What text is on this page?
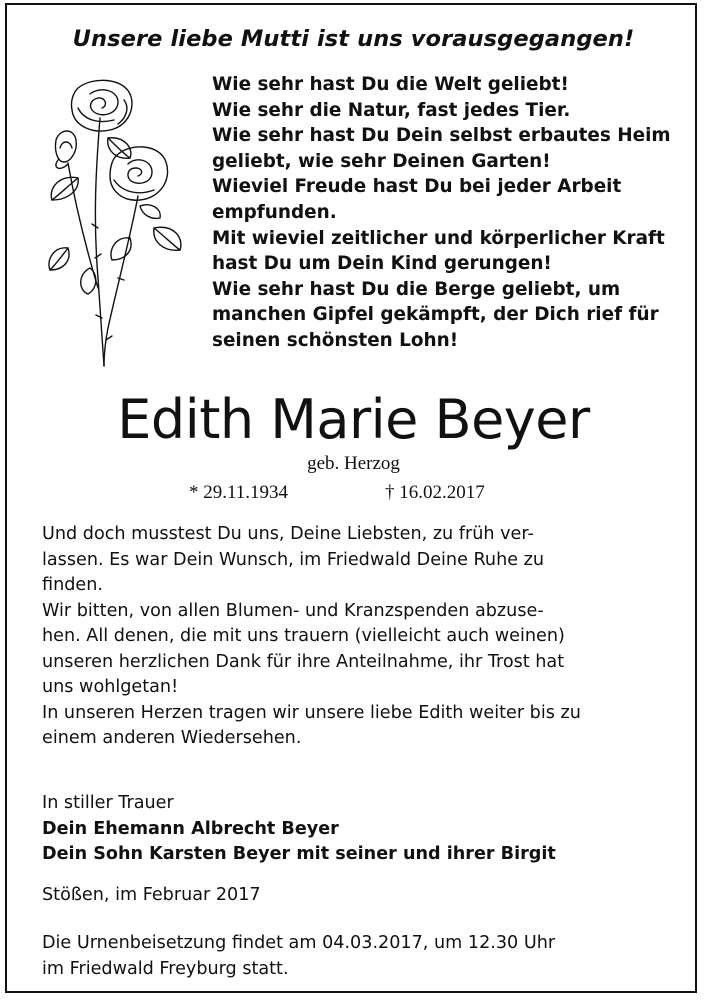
Unsere liebe Mutti ist uns vorausgegangen!
Wie sehr hast Du die Welt geliebt!
Wie sehr die Natur, fast jedes Tier.
Wie sehr hast Du Dein selbst erbautes Heim
geliebt, wie sehr Deinen Garten!
Wieviel Freude hast Du bei jeder Arbeit
empfunden.
Mit wieviel zeitlicher und körperlicher Kraft
hast Du um Dein Kind gerungen!
Wie sehr hast Du die Berge geliebt, um
manchen Gipfel gekämpft, der Dich rief für
seinen schönsten Lohn!
Edith Marie Beyer
geb. Herzog
* 29.11.1934	† 16.02.2017
Und doch musstest Du uns, Deine Liebsten, zu früh ver-
lassen. Es war Dein Wunsch, im Friedwald Deine Ruhe zu
finden.
Wir bitten, von allen Blumen- und Kranzspenden abzuse-
hen. All denen, die mit uns trauern (vielleicht auch weinen)
unseren herzlichen Dank für ihre Anteilnahme, ihr Trost hat
uns wohlgetan!
In unseren Herzen tragen wir unsere liebe Edith weiter bis zu
einem anderen Wiedersehen.
In stiller Trauer
Dein Ehemann Albrecht Beyer
Dein Sohn Karsten Beyer mit seiner und ihrer Birgit
Stößen, im Februar 2017
Die Urnenbeisetzung findet am 04.03.2017, um 12.30 Uhr
im Friedwald Freyburg statt.
